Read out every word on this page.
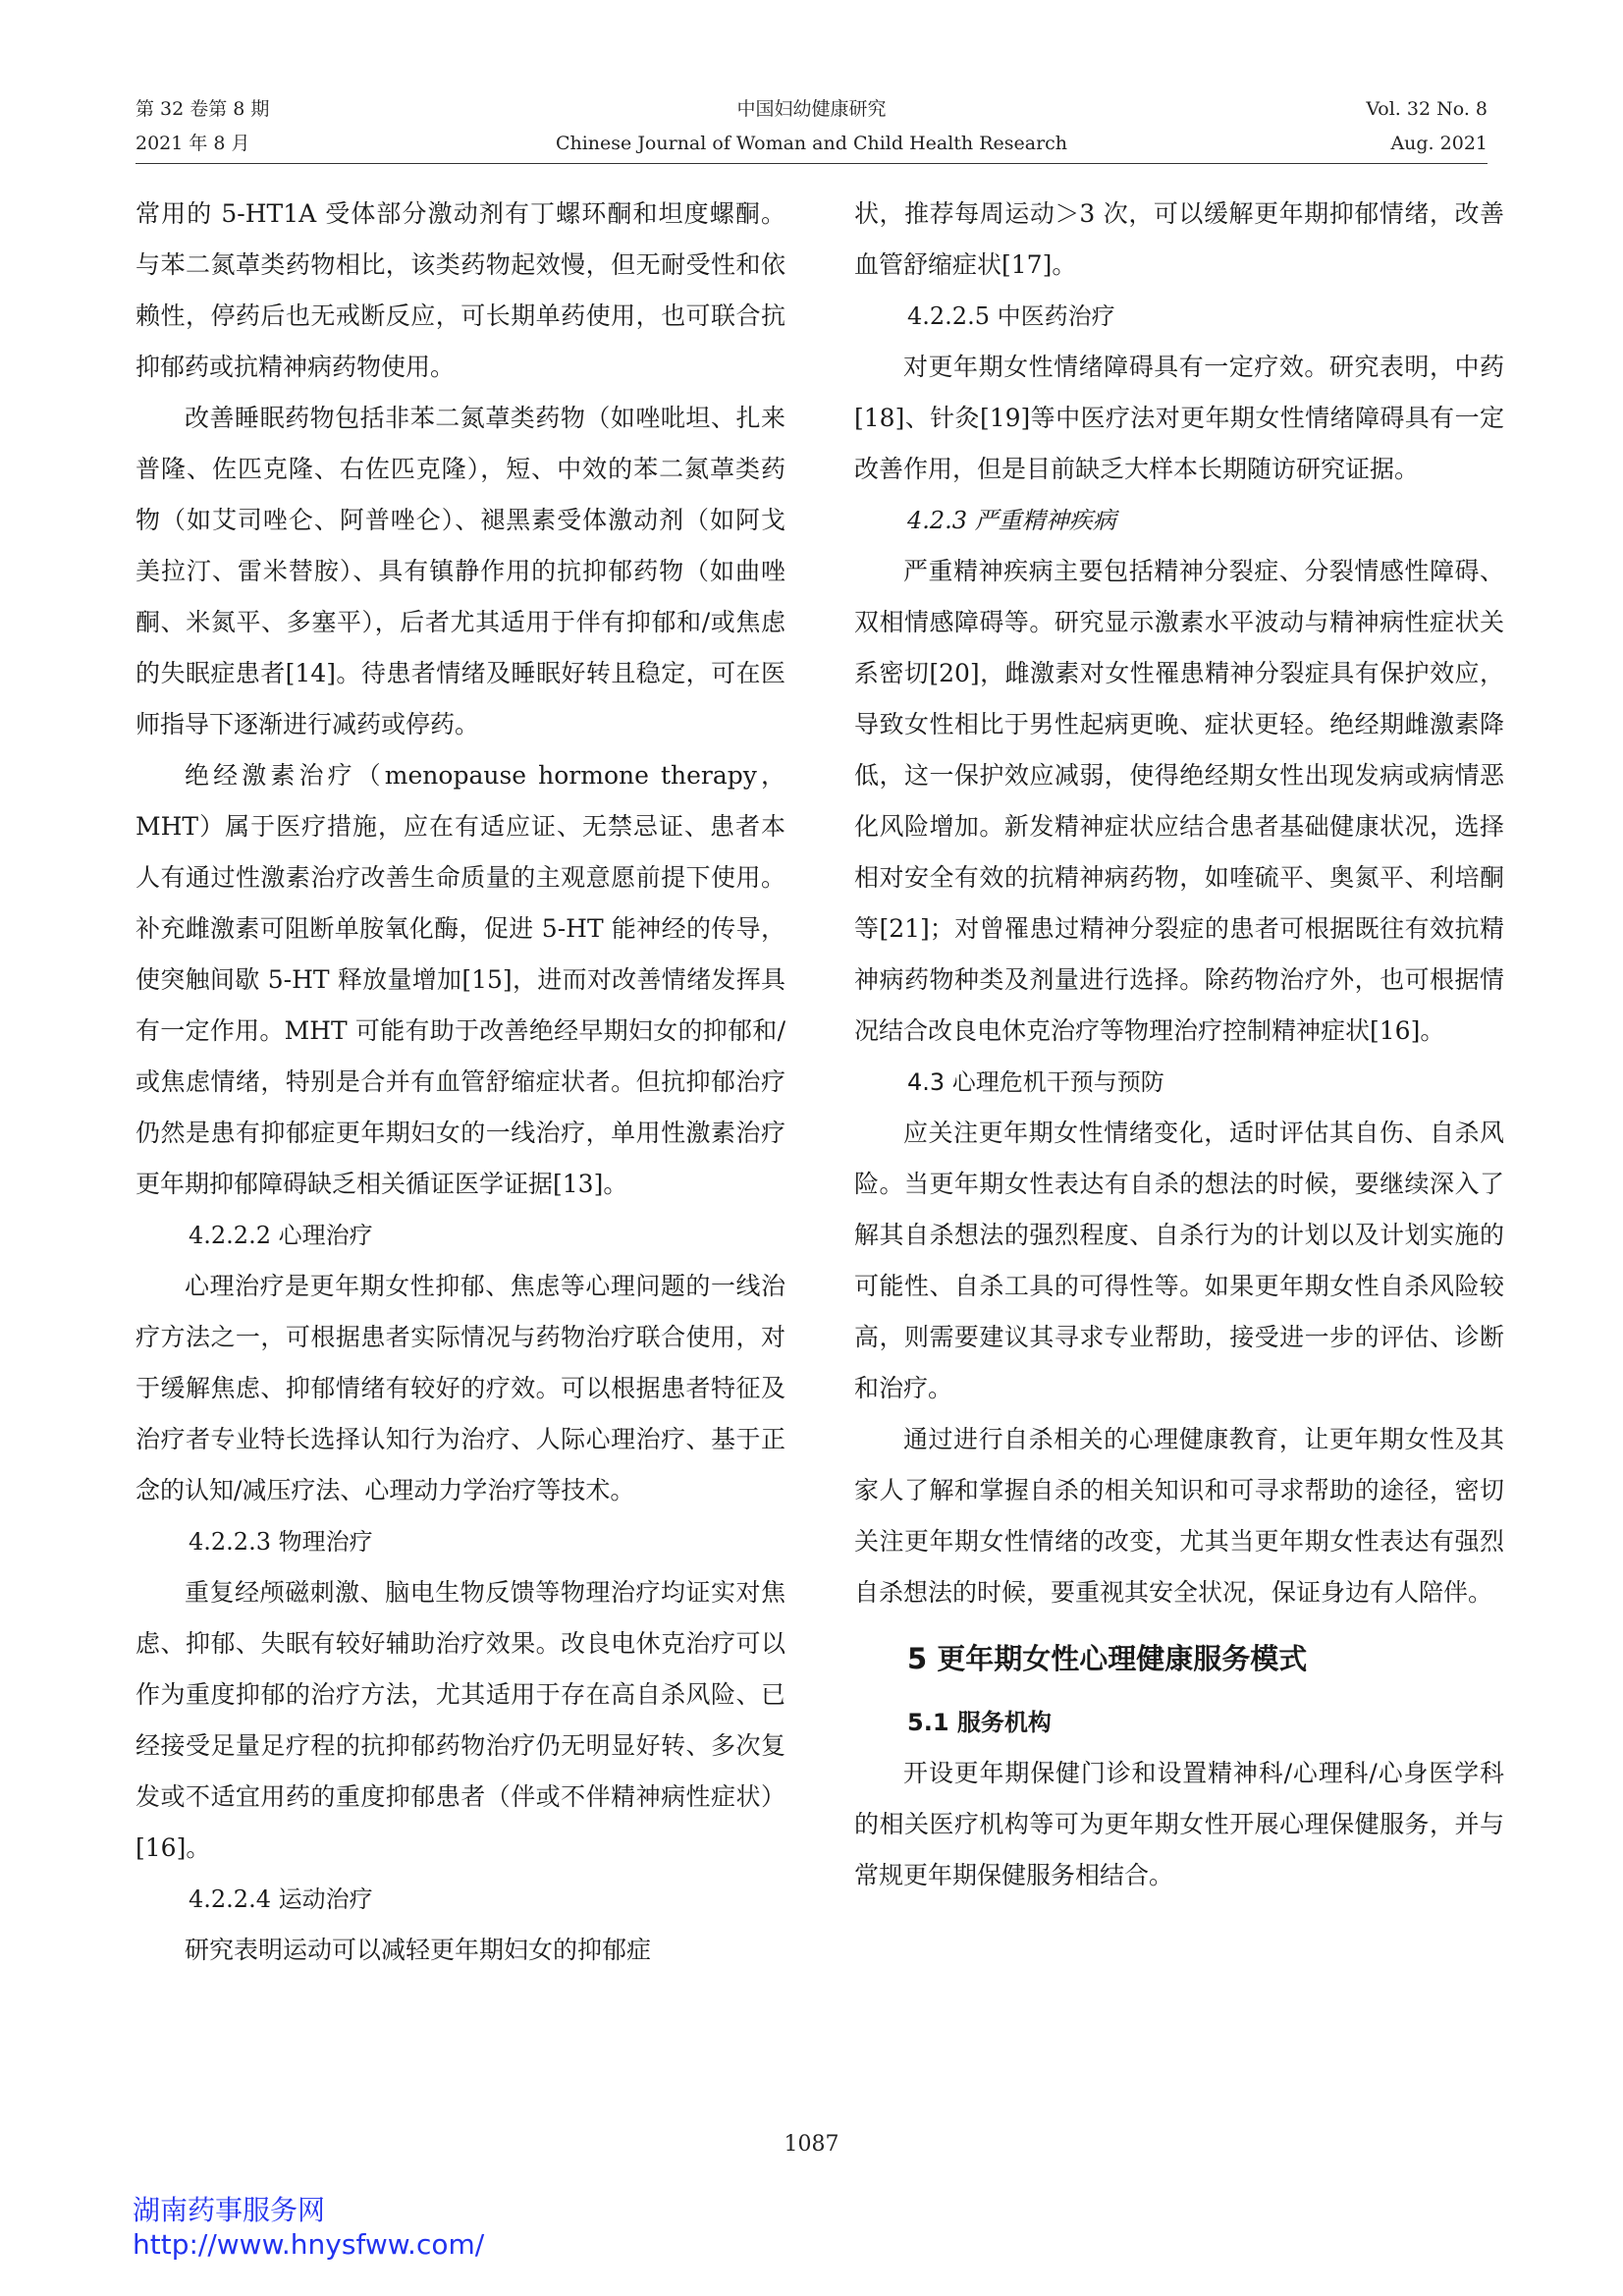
第 32 卷第 8 期
2021 年 8 月
中国妇幼健康研究
Chinese Journal of Woman and Child Health Research
Vol. 32 No. 8
Aug. 2021

常用的 5-HT1A 受体部分激动剂有丁螺环酮和坦度螺酮。与苯二氮䓬类药物相比，该类药物起效慢，但无耐受性和依赖性，停药后也无戒断反应，可长期单药使用，也可联合抗抑郁药或抗精神病药物使用。

改善睡眠药物包括非苯二氮䓬类药物（如唑吡坦、扎来普隆、佐匹克隆、右佐匹克隆），短、中效的苯二氮䓬类药物（如艾司唑仑、阿普唑仑）、褪黑素受体激动剂（如阿戈美拉汀、雷米替胺）、具有镇静作用的抗抑郁药物（如曲唑酮、米氮平、多塞平），后者尤其适用于伴有抑郁和/或焦虑的失眠症患者[14]。待患者情绪及睡眠好转且稳定，可在医师指导下逐渐进行减药或停药。

绝经激素治疗（menopause hormone therapy，MHT）属于医疗措施，应在有适应证、无禁忌证、患者本人有通过性激素治疗改善生命质量的主观意愿前提下使用。补充雌激素可阻断单胺氧化酶，促进 5-HT 能神经的传导，使突触间歇 5-HT 释放量增加[15]，进而对改善情绪发挥具有一定作用。MHT 可能有助于改善绝经早期妇女的抑郁和/或焦虑情绪，特别是合并有血管舒缩症状者。但抗抑郁治疗仍然是患有抑郁症更年期妇女的一线治疗，单用性激素治疗更年期抑郁障碍缺乏相关循证医学证据[13]。

4.2.2.2 心理治疗

心理治疗是更年期女性抑郁、焦虑等心理问题的一线治疗方法之一，可根据患者实际情况与药物治疗联合使用，对于缓解焦虑、抑郁情绪有较好的疗效。可以根据患者特征及治疗者专业特长选择认知行为治疗、人际心理治疗、基于正念的认知/减压疗法、心理动力学治疗等技术。

4.2.2.3 物理治疗

重复经颅磁刺激、脑电生物反馈等物理治疗均证实对焦虑、抑郁、失眠有较好辅助治疗效果。改良电休克治疗可以作为重度抑郁的治疗方法，尤其适用于存在高自杀风险、已经接受足量足疗程的抗抑郁药物治疗仍无明显好转、多次复发或不适宜用药的重度抑郁患者（伴或不伴精神病性症状）[16]。

4.2.2.4 运动治疗

研究表明运动可以减轻更年期妇女的抑郁症

状，推荐每周运动＞3 次，可以缓解更年期抑郁情绪，改善血管舒缩症状[17]。

4.2.2.5 中医药治疗

对更年期女性情绪障碍具有一定疗效。研究表明，中药[18]、针灸[19]等中医疗法对更年期女性情绪障碍具有一定改善作用，但是目前缺乏大样本长期随访研究证据。

4.2.3 严重精神疾病

严重精神疾病主要包括精神分裂症、分裂情感性障碍、双相情感障碍等。研究显示激素水平波动与精神病性症状关系密切[20]，雌激素对女性罹患精神分裂症具有保护效应，导致女性相比于男性起病更晚、症状更轻。绝经期雌激素降低，这一保护效应减弱，使得绝经期女性出现发病或病情恶化风险增加。新发精神症状应结合患者基础健康状况，选择相对安全有效的抗精神病药物，如喹硫平、奥氮平、利培酮等[21]；对曾罹患过精神分裂症的患者可根据既往有效抗精神病药物种类及剂量进行选择。除药物治疗外，也可根据情况结合改良电休克治疗等物理治疗控制精神症状[16]。

4.3 心理危机干预与预防

应关注更年期女性情绪变化，适时评估其自伤、自杀风险。当更年期女性表达有自杀的想法的时候，要继续深入了解其自杀想法的强烈程度、自杀行为的计划以及计划实施的可能性、自杀工具的可得性等。如果更年期女性自杀风险较高，则需要建议其寻求专业帮助，接受进一步的评估、诊断和治疗。

通过进行自杀相关的心理健康教育，让更年期女性及其家人了解和掌握自杀的相关知识和可寻求帮助的途径，密切关注更年期女性情绪的改变，尤其当更年期女性表达有强烈自杀想法的时候，要重视其安全状况，保证身边有人陪伴。

5 更年期女性心理健康服务模式

5.1 服务机构

开设更年期保健门诊和设置精神科/心理科/心身医学科的相关医疗机构等可为更年期女性开展心理保健服务，并与常规更年期保健服务相结合。

1087
湖南药事服务网
http://www.hnysfww.com/
